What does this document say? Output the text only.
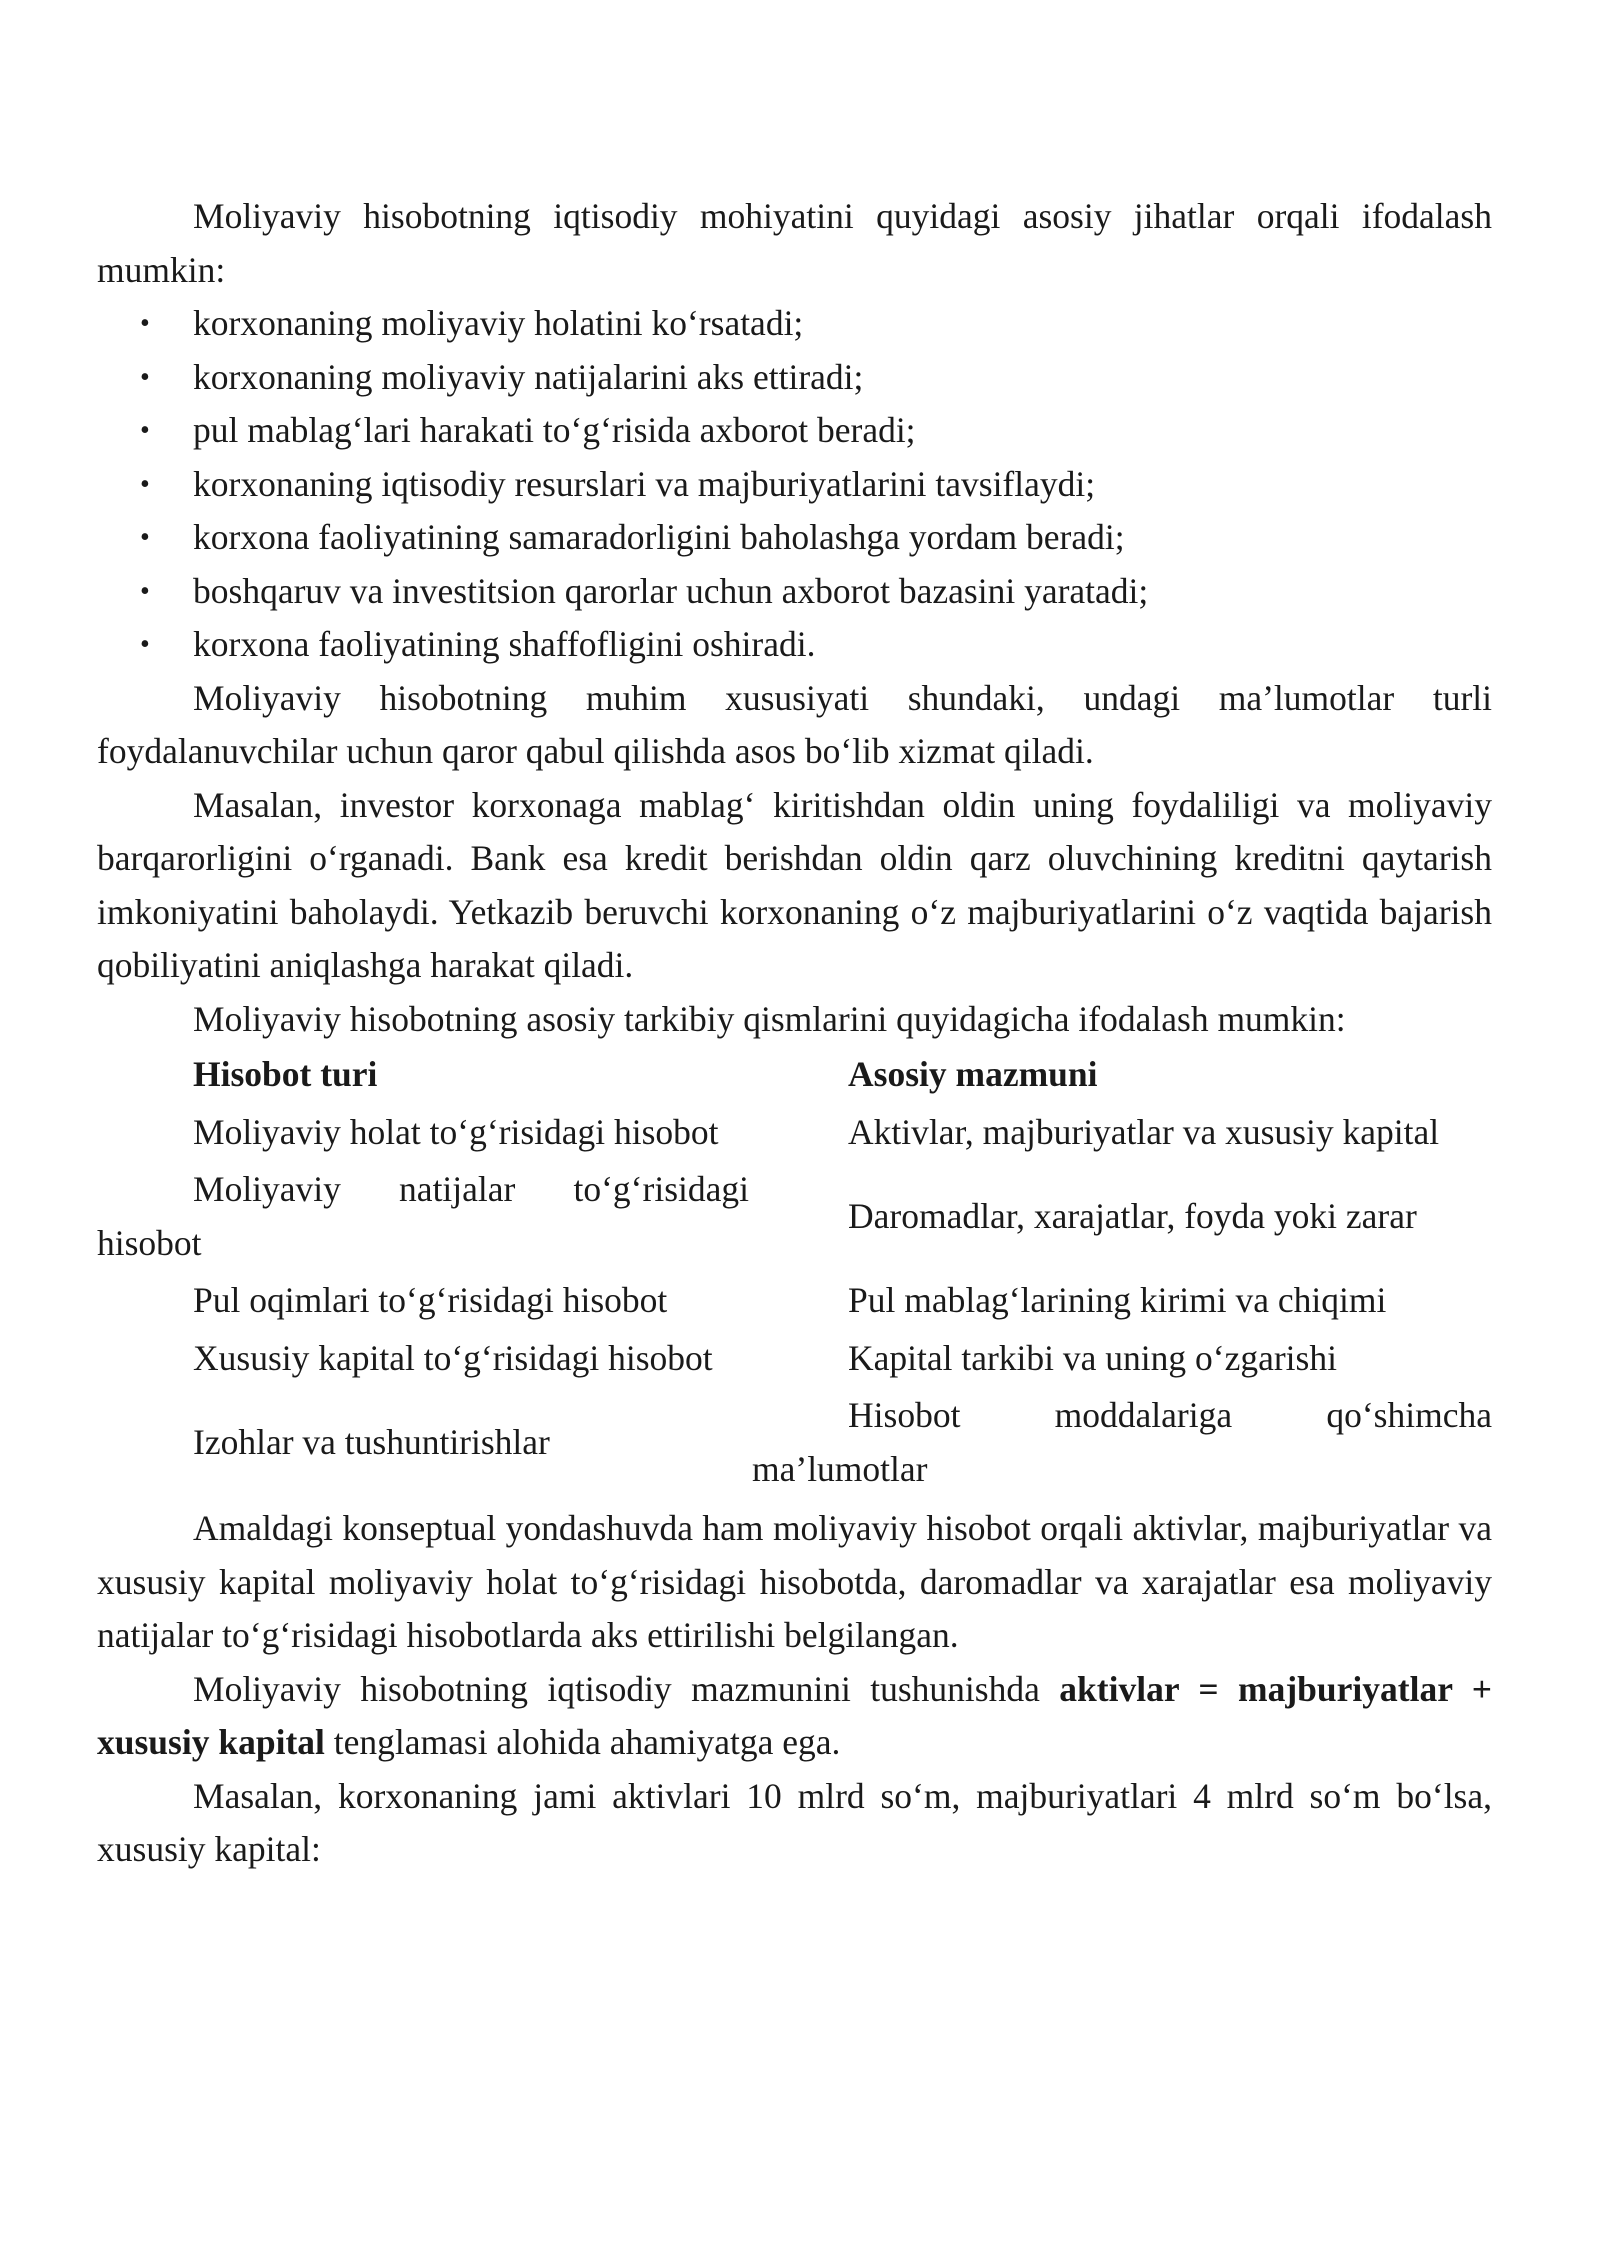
Moliyaviy hisobotning iqtisodiy mohiyatini quyidagi asosiy jihatlar orqali ifodalash mumkin:

• korxonaning moliyaviy holatini ko‘rsatadi;
• korxonaning moliyaviy natijalarini aks ettiradi;
• pul mablag‘lari harakati to‘g‘risida axborot beradi;
• korxonaning iqtisodiy resurslari va majburiyatlarini tavsiflaydi;
• korxona faoliyatining samaradorligini baholashga yordam beradi;
• boshqaruv va investitsion qarorlar uchun axborot bazasini yaratadi;
• korxona faoliyatining shaffofligini oshiradi.

Moliyaviy hisobotning muhim xususiyati shundaki, undagi ma’lumotlar turli foydalanuvchilar uchun qaror qabul qilishda asos bo‘lib xizmat qiladi.

Masalan, investor korxonaga mablag‘ kiritishdan oldin uning foydaliligi va moliyaviy barqarorligini o‘rganadi. Bank esa kredit berishdan oldin qarz oluvchining kreditni qaytarish imkoniyatini baholaydi. Yetkazib beruvchi korxonaning o‘z majburiyatlarini o‘z vaqtida bajarish qobiliyatini aniqlashga harakat qiladi.

Moliyaviy hisobotning asosiy tarkibiy qismlarini quyidagicha ifodalash mumkin:

Hisobot turi	Asosiy mazmuni

Moliyaviy holat to‘g‘risidagi hisobot	Aktivlar, majburiyatlar va xususiy kapital

Moliyaviy natijalar to‘g‘risidagi hisobot	Daromadlar, xarajatlar, foyda yoki zarar

Pul oqimlari to‘g‘risidagi hisobot	Pul mablag‘larining kirimi va chiqimi

Xususiy kapital to‘g‘risidagi hisobot	Kapital tarkibi va uning o‘zgarishi

Izohlar va tushuntirishlar	Hisobot moddalariga qo‘shimcha ma’lumotlar

Amaldagi konseptual yondashuvda ham moliyaviy hisobot orqali aktivlar, majburiyatlar va xususiy kapital moliyaviy holat to‘g‘risidagi hisobotda, daromadlar va xarajatlar esa moliyaviy natijalar to‘g‘risidagi hisobotlarda aks ettirilishi belgilangan.

Moliyaviy hisobotning iqtisodiy mazmunini tushunishda aktivlar = majburiyatlar + xususiy kapital tenglamasi alohida ahamiyatga ega.

Masalan, korxonaning jami aktivlari 10 mlrd so‘m, majburiyatlari 4 mlrd so‘m bo‘lsa, xususiy kapital:
